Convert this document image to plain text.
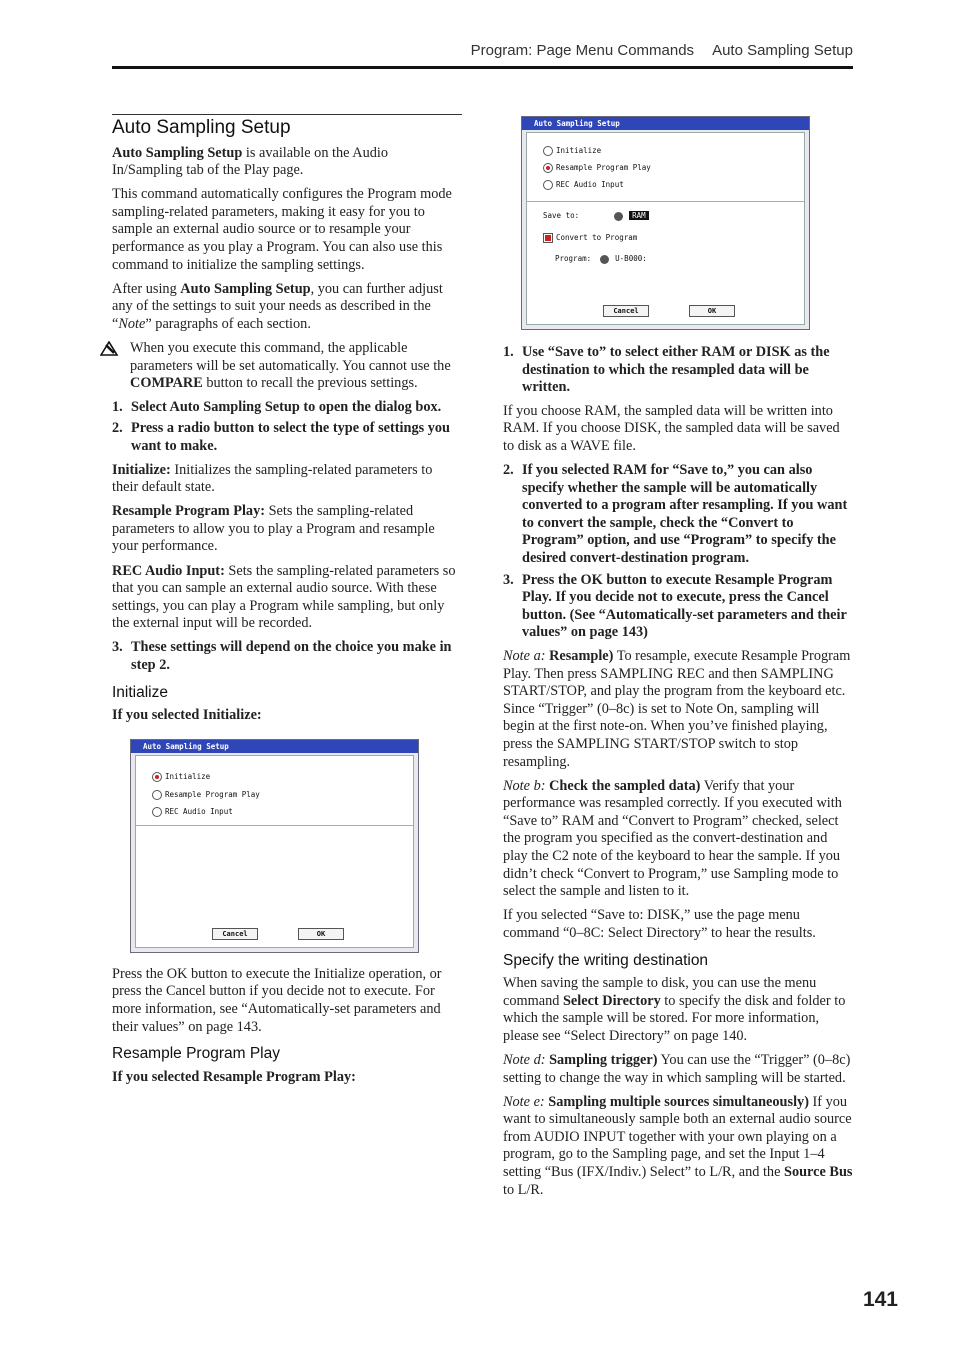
Program: Page Menu Commands Auto Sampling Setup
Auto Sampling Setup

Auto Sampling Setup is available on the Audio In/Sampling tab of the Play page.

This command automatically configures the Program mode sampling-related parameters, making it easy for you to sample an external audio source or to resample your performance as you play a Program. You can also use this command to initialize the sampling settings.

After using Auto Sampling Setup, you can further adjust any of the settings to suit your needs as described in the “Note” paragraphs of each section.

When you execute this command, the applicable parameters will be set automatically. You cannot use the COMPARE button to recall the previous settings.
1. Select Auto Sampling Setup to open the dialog box.
2. Press a radio button to select the type of settings you want to make.

Initialize: Initializes the sampling-related parameters to their default state.

Resample Program Play: Sets the sampling-related parameters to allow you to play a Program and resample your performance.

REC Audio Input: Sets the sampling-related parameters so that you can sample an external audio source. With these settings, you can play a Program while sampling, but only the external input will be recorded.

3. These settings will depend on the choice you make in step 2.
Initialize

If you selected Initialize:

Auto Sampling Setup
Initialize
Resample Program Play
REC Audio Input
Cancel	OK

Press the OK button to execute the Initialize operation, or press the Cancel button if you decide not to execute. For more information, see “Automatically-set parameters and their values” on page 143.

Resample Program Play

If you selected Resample Program Play:

Auto Sampling Setup
Initialize
Resample Program Play
REC Audio Input
Save to:	RAM
Convert to Program
Program:	U-B000:
Cancel	OK
1. Use “Save to” to select either RAM or DISK as the destination to which the resampled data will be written.

If you choose RAM, the sampled data will be written into RAM. If you choose DISK, the sampled data will be saved to disk as a WAVE file.

2. If you selected RAM for “Save to,” you can also specify whether the sample will be automatically converted to a program after resampling. If you want to convert the sample, check the “Convert to Program” option, and use “Program” to specify the desired convert-destination program.
3. Press the OK button to execute Resample Program Play. If you decide not to execute, press the Cancel button. (See “Automatically-set parameters and their values” on page 143)

Note a: Resample) To resample, execute Resample Program Play. Then press SAMPLING REC and then SAMPLING START/STOP, and play the program from the keyboard etc. Since “Trigger” (0–8c) is set to Note On, sampling will begin at the first note-on. When you’ve finished playing, press the SAMPLING START/STOP switch to stop resampling.

Note b: Check the sampled data) Verify that your performance was resampled correctly. If you executed with “Save to” RAM and “Convert to Program” checked, select the program you specified as the convert-destination and play the C2 note of the keyboard to hear the sample. If you didn’t check “Convert to Program,” use Sampling mode to select the sample and listen to it.

If you selected “Save to: DISK,” use the page menu command “0–8C: Select Directory” to hear the results.

Specify the writing destination

When saving the sample to disk, you can use the menu command Select Directory to specify the disk and folder to which the sample will be stored. For more information, please see “Select Directory” on page 140.

Note d: Sampling trigger) You can use the “Trigger” (0–8c) setting to change the way in which sampling will be started.

Note e: Sampling multiple sources simultaneously) If you want to simultaneously sample both an external audio source from AUDIO INPUT together with your own playing on a program, go to the Sampling page, and set the Input 1–4 setting “Bus (IFX/Indiv.) Select” to L/R, and the Source Bus to L/R.

141
